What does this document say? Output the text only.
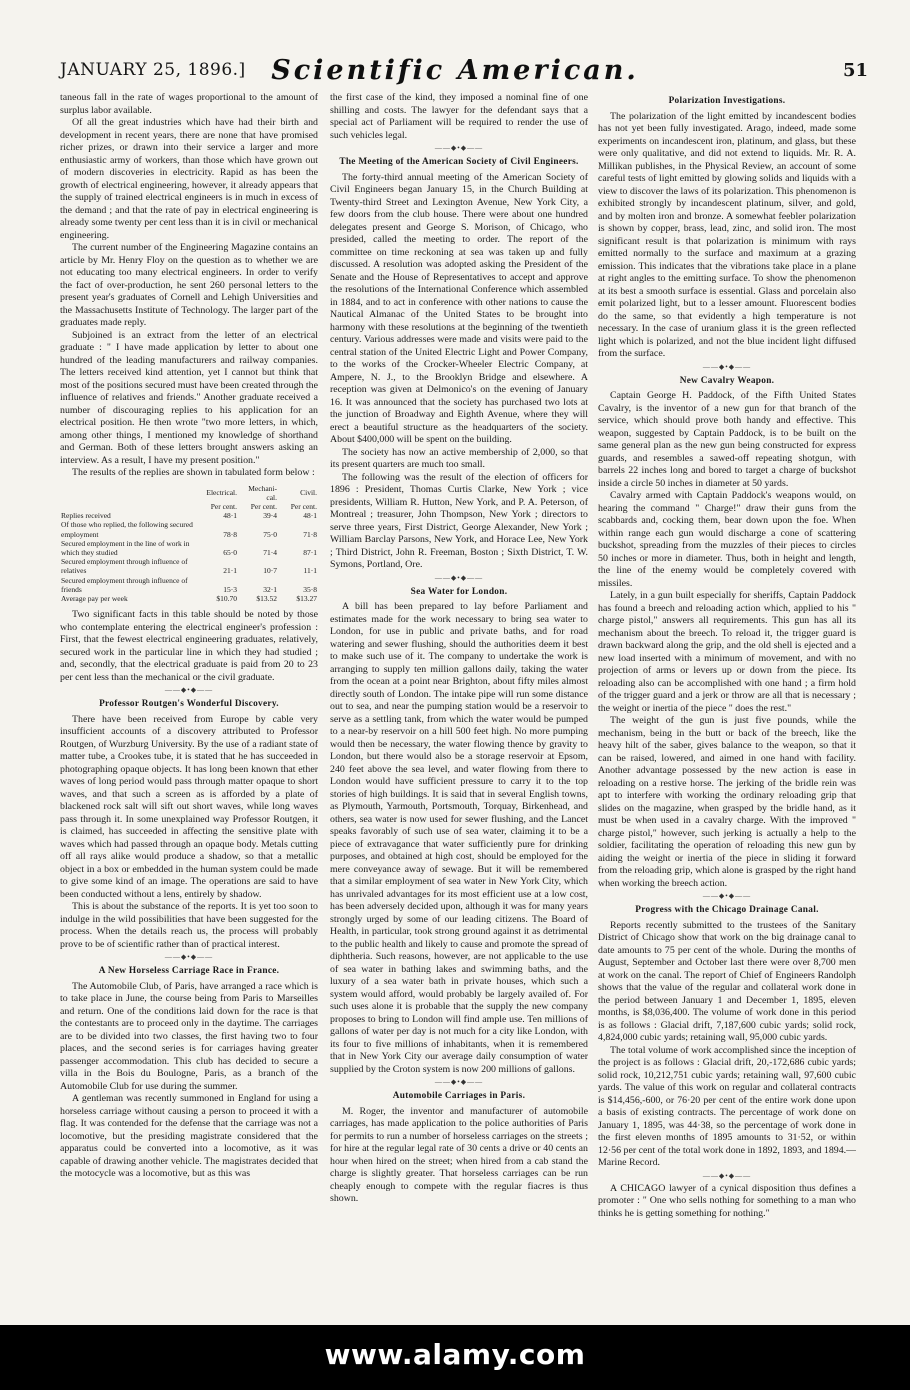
JANUARY 25, 1896.] Scientific American.	51

taneous fall in the rate of wages proportional to the amount of surplus labor available.

Of all the great industries which have had their birth and development in recent years, there are none that have promised richer prizes, or drawn into their service a larger and more enthusiastic army of workers, than those which have grown out of modern discoveries in electricity. Rapid as has been the growth of electrical engineering, however, it already appears that the supply of trained electrical engineers is in much in excess of the demand ; and that the rate of pay in electrical engineering is already some twenty per cent less than it is in civil or mechanical engineering.

The current number of the Engineering Magazine contains an article by Mr. Henry Floy on the question as to whether we are not educating too many electrical engineers. In order to verify the fact of over-production, he sent 260 personal letters to the present year's graduates of Cornell and Lehigh Universities and the Massachusetts Institute of Technology. The larger part of the graduates made reply.

Subjoined is an extract from the letter of an electrical graduate : " I have made application by letter to about one hundred of the leading manufacturers and railway companies. The letters received kind attention, yet I cannot but think that most of the positions secured must have been created through the influence of relatives and friends." Another graduate received a number of discouraging replies to his application for an electrical position. He then wrote "two more letters, in which, among other things, I mentioned my knowledge of shorthand and German. Both of these letters brought answers asking an interview. As a result, I have my present position."

The results of the replies are shown in tabulated form below :

	Electrical.	Mechani-cal.	Civil.
	Per cent.	Per cent.	Per cent.
Replies received	48·1	39·4	48·1
Of those who replied, the following secured employment	78·8	75·0	71·8
Secured employment in the line of work in which they studied	65·0	71·4	87·1
Secured employment through influence of relatives	21·1	10·7	11·1
Secured employment through influence of friends	15·3	32·1	35·8
Average pay per week	$10.70	$13.52	$13.27

Two significant facts in this table should be noted by those who contemplate entering the electrical engineer's profession : First, that the fewest electrical engineering graduates, relatively, secured work in the particular line in which they had studied ; and, secondly, that the electrical graduate is paid from 20 to 23 per cent less than the mechanical or the civil graduate.

——◆•◆——
Professor Routgen's Wonderful Discovery.

There have been received from Europe by cable very insufficient accounts of a discovery attributed to Professor Routgen, of Wurzburg University. By the use of a radiant state of matter tube, a Crookes tube, it is stated that he has succeeded in photographing opaque objects. It has long been known that ether waves of long period would pass through matter opaque to short waves, and that such a screen as is afforded by a plate of blackened rock salt will sift out short waves, while long waves pass through it. In some unexplained way Professor Routgen, it is claimed, has succeeded in affecting the sensitive plate with waves which had passed through an opaque body. Metals cutting off all rays alike would produce a shadow, so that a metallic object in a box or embedded in the human system could be made to give some kind of an image. The operations are said to have been conducted without a lens, entirely by shadow.

This is about the substance of the reports. It is yet too soon to indulge in the wild possibilities that have been suggested for the process. When the details reach us, the process will probably prove to be of scientific rather than of practical interest.

——◆•◆——
A New Horseless Carriage Race in France.

The Automobile Club, of Paris, have arranged a race which is to take place in June, the course being from Paris to Marseilles and return. One of the conditions laid down for the race is that the contestants are to proceed only in the daytime. The carriages are to be divided into two classes, the first having two to four places, and the second series is for carriages having greater passenger accommodation. This club has decided to secure a villa in the Bois du Boulogne, Paris, as a branch of the Automobile Club for use during the summer.

A gentleman was recently summoned in England for using a horseless carriage without causing a person to proceed it with a flag. It was contended for the defense that the carriage was not a locomotive, but the presiding magistrate considered that the apparatus could be converted into a locomotive, as it was capable of drawing another vehicle. The magistrates decided that the motocycle was a locomotive, but as this was

the first case of the kind, they imposed a nominal fine of one shilling and costs. The lawyer for the defendant says that a special act of Parliament will be required to render the use of such vehicles legal.

——◆•◆——
The Meeting of the American Society of Civil Engineers.

The forty-third annual meeting of the American Society of Civil Engineers began January 15, in the Church Building at Twenty-third Street and Lexington Avenue, New York City, a few doors from the club house. There were about one hundred delegates present and George S. Morison, of Chicago, who presided, called the meeting to order. The report of the committee on time reckoning at sea was taken up and fully discussed. A resolution was adopted asking the President of the Senate and the House of Representatives to accept and approve the resolutions of the International Conference which assembled in 1884, and to act in conference with other nations to cause the Nautical Almanac of the United States to be brought into harmony with these resolutions at the beginning of the twentieth century. Various addresses were made and visits were paid to the central station of the United Electric Light and Power Company, to the works of the Crocker-Wheeler Electric Company, at Ampere, N. J., to the Brooklyn Bridge and elsewhere. A reception was given at Delmonico's on the evening of January 16. It was announced that the society has purchased two lots at the junction of Broadway and Eighth Avenue, where they will erect a beautiful structure as the headquarters of the society. About $400,000 will be spent on the building.

The society has now an active membership of 2,000, so that its present quarters are much too small.

The following was the result of the election of officers for 1896 : President, Thomas Curtis Clarke, New York ; vice presidents, William R. Hutton, New York, and P. A. Peterson, of Montreal ; treasurer, John Thompson, New York ; directors to serve three years, First District, George Alexander, New York ; William Barclay Parsons, New York, and Horace Lee, New York ; Third District, John R. Freeman, Boston ; Sixth District, T. W. Symons, Portland, Ore.

——◆•◆——
Sea Water for London.

A bill has been prepared to lay before Parliament and estimates made for the work necessary to bring sea water to London, for use in public and private baths, and for road watering and sewer flushing, should the authorities deem it best to make such use of it. The company to undertake the work is arranging to supply ten million gallons daily, taking the water from the ocean at a point near Brighton, about fifty miles almost directly south of London. The intake pipe will run some distance out to sea, and near the pumping station would be a reservoir to serve as a settling tank, from which the water would be pumped to a near-by reservoir on a hill 500 feet high. No more pumping would then be necessary, the water flowing thence by gravity to London, but there would also be a storage reservoir at Epsom, 240 feet above the sea level, and water flowing from there to London would have sufficient pressure to carry it to the top stories of high buildings. It is said that in several English towns, as Plymouth, Yarmouth, Portsmouth, Torquay, Birkenhead, and others, sea water is now used for sewer flushing, and the Lancet speaks favorably of such use of sea water, claiming it to be a piece of extravagance that water sufficiently pure for drinking purposes, and obtained at high cost, should be employed for the mere conveyance away of sewage. But it will be remembered that a similar employment of sea water in New York City, which has unrivaled advantages for its most efficient use at a low cost, has been adversely decided upon, although it was for many years strongly urged by some of our leading citizens. The Board of Health, in particular, took strong ground against it as detrimental to the public health and likely to cause and promote the spread of diphtheria. Such reasons, however, are not applicable to the use of sea water in bathing lakes and swimming baths, and the luxury of a sea water bath in private houses, which such a system would afford, would probably be largely availed of. For such uses alone it is probable that the supply the new company proposes to bring to London will find ample use. Ten millions of gallons of water per day is not much for a city like London, with its four to five millions of inhabitants, when it is remembered that in New York City our average daily consumption of water supplied by the Croton system is now 200 millions of gallons.

——◆•◆——
Automobile Carriages in Paris.

M. Roger, the inventor and manufacturer of automobile carriages, has made application to the police authorities of Paris for permits to run a number of horseless carriages on the streets ; for hire at the regular legal rate of 30 cents a drive or 40 cents an hour when hired on the street; when hired from a cab stand the charge is slightly greater. That horseless carriages can be run cheaply enough to compete with the regular fiacres is thus shown.

Polarization Investigations.

The polarization of the light emitted by incandescent bodies has not yet been fully investigated. Arago, indeed, made some experiments on incandescent iron, platinum, and glass, but these were only qualitative, and did not extend to liquids. Mr. R. A. Millikan publishes, in the Physical Review, an account of some careful tests of light emitted by glowing solids and liquids with a view to discover the laws of its polarization. This phenomenon is exhibited strongly by incandescent platinum, silver, and gold, and by molten iron and bronze. A somewhat feebler polarization is shown by copper, brass, lead, zinc, and solid iron. The most significant result is that polarization is minimum with rays emitted normally to the surface and maximum at a grazing emission. This indicates that the vibrations take place in a plane at right angles to the emitting surface. To show the phenomenon at its best a smooth surface is essential. Glass and porcelain also emit polarized light, but to a lesser amount. Fluorescent bodies do the same, so that evidently a high temperature is not necessary. In the case of uranium glass it is the green reflected light which is polarized, and not the blue incident light diffused from the surface.

——◆•◆——
New Cavalry Weapon.

Captain George H. Paddock, of the Fifth United States Cavalry, is the inventor of a new gun for that branch of the service, which should prove both handy and effective. This weapon, suggested by Captain Paddock, is to be built on the same general plan as the new gun being constructed for express guards, and resembles a sawed-off repeating shotgun, with barrels 22 inches long and bored to target a charge of buckshot inside a circle 50 inches in diameter at 50 yards.

Cavalry armed with Captain Paddock's weapons would, on hearing the command " Charge!" draw their guns from the scabbards and, cocking them, bear down upon the foe. When within range each gun would discharge a cone of scattering buckshot, spreading from the muzzles of their pieces to circles 50 inches or more in diameter. Thus, both in height and length, the line of the enemy would be completely covered with missiles.

Lately, in a gun built especially for sheriffs, Captain Paddock has found a breech and reloading action which, applied to his " charge pistol," answers all requirements. This gun has all its mechanism about the breech. To reload it, the trigger guard is drawn backward along the grip, and the old shell is ejected and a new load inserted with a minimum of movement, and with no projection of arms or levers up or down from the piece. Its reloading also can be accomplished with one hand ; a firm hold of the trigger guard and a jerk or throw are all that is necessary ; the weight or inertia of the piece " does the rest."

The weight of the gun is just five pounds, while the mechanism, being in the butt or back of the breech, like the heavy hilt of the saber, gives balance to the weapon, so that it can be raised, lowered, and aimed in one hand with facility. Another advantage possessed by the new action is ease in reloading on a restive horse. The jerking of the bridle rein was apt to interfere with working the ordinary reloading grip that slides on the magazine, when grasped by the bridle hand, as it must be when used in a cavalry charge. With the improved " charge pistol," however, such jerking is actually a help to the soldier, facilitating the operation of reloading this new gun by aiding the weight or inertia of the piece in sliding it forward from the reloading grip, which alone is grasped by the right hand when working the breech action.

——◆•◆——
Progress with the Chicago Drainage Canal.

Reports recently submitted to the trustees of the Sanitary District of Chicago show that work on the big drainage canal to date amounts to 75 per cent of the whole. During the months of August, September and October last there were over 8,700 men at work on the canal. The report of Chief of Engineers Randolph shows that the value of the regular and collateral work done in the period between January 1 and December 1, 1895, eleven months, is $8,036,400. The volume of work done in this period is as follows : Glacial drift, 7,187,600 cubic yards; solid rock, 4,824,000 cubic yards; retaining wall, 95,000 cubic yards.

The total volume of work accomplished since the inception of the project is as follows : Glacial drift, 20,-172,686 cubic yards; solid rock, 10,212,751 cubic yards; retaining wall, 97,600 cubic yards. The value of this work on regular and collateral contracts is $14,456,-600, or 76·20 per cent of the entire work done upon a basis of existing contracts. The percentage of work done on January 1, 1895, was 44·38, so the percentage of work done in the first eleven months of 1895 amounts to 31·52, or within 12·56 per cent of the total work done in 1892, 1893, and 1894.—Marine Record.

——◆•◆——

A CHICAGO lawyer of a cynical disposition thus defines a promoter : " One who sells nothing for something to a man who thinks he is getting something for nothing."

www.alamy.com
